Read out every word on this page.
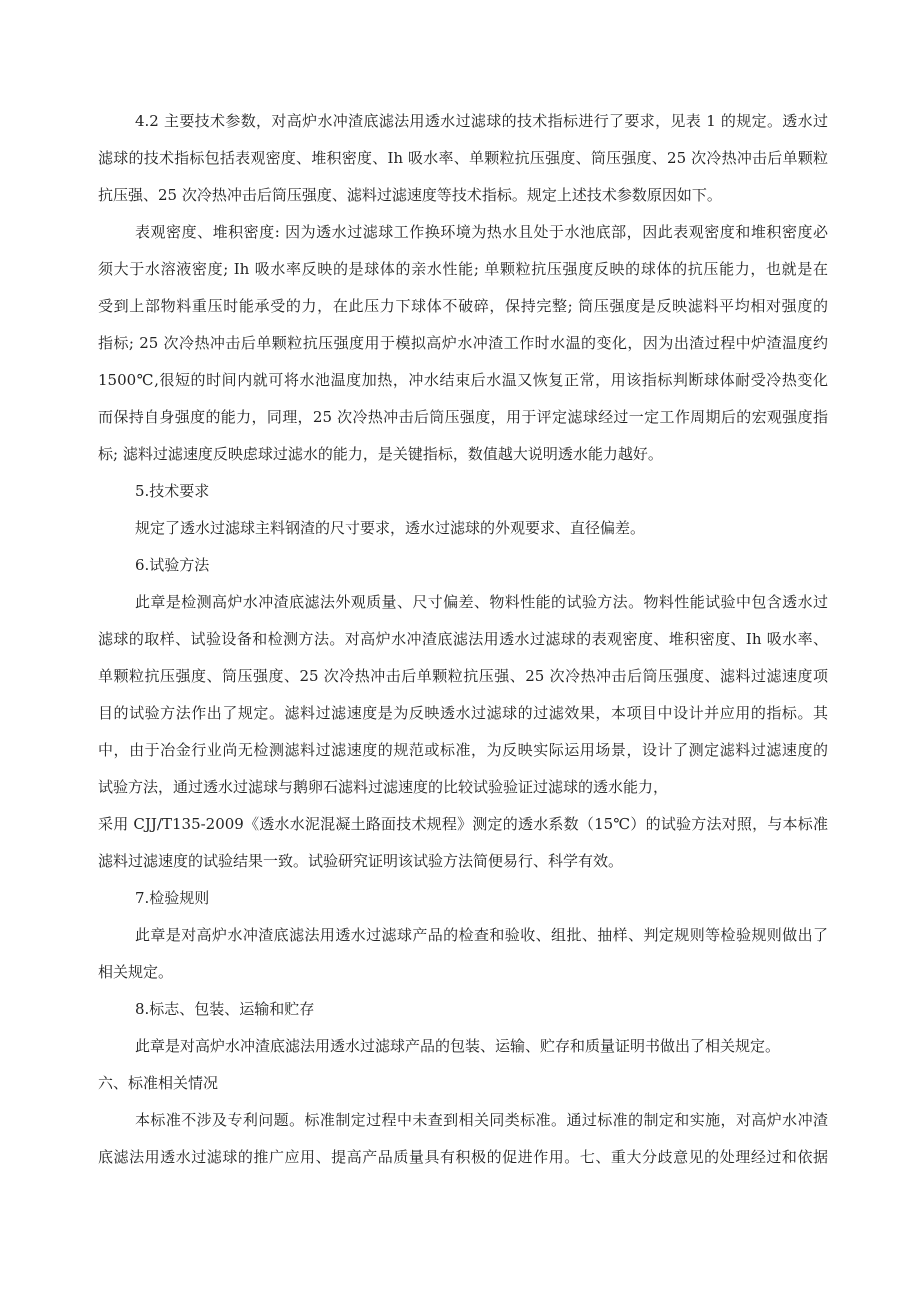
4.2 主要技术参数，对高炉水冲渣底滤法用透水过滤球的技术指标进行了要求，见表 1 的规定。透水过
滤球的技术指标包括表观密度、堆积密度、Ih 吸水率、单颗粒抗压强度、筒压强度、25 次冷热冲击后单颗粒
抗压强、25 次冷热冲击后筒压强度、滤料过滤速度等技术指标。规定上述技术参数原因如下。
表观密度、堆积密度: 因为透水过滤球工作换环境为热水且处于水池底部，因此表观密度和堆积密度必
须大于水溶液密度; Ih 吸水率反映的是球体的亲水性能; 单颗粒抗压强度反映的球体的抗压能力，也就是在
受到上部物料重压时能承受的力，在此压力下球体不破碎，保持完整; 筒压强度是反映滤料平均相对强度的
指标; 25 次冷热冲击后单颗粒抗压强度用于模拟高炉水冲渣工作时水温的变化，因为出渣过程中炉渣温度约
1500℃,很短的时间内就可将水池温度加热，冲水结束后水温又恢复正常，用该指标判断球体耐受冷热变化
而保持自身强度的能力，同理，25 次冷热冲击后筒压强度，用于评定滤球经过一定工作周期后的宏观强度指
标; 滤料过滤速度反映虑球过滤水的能力，是关键指标，数值越大说明透水能力越好。
5.技术要求
规定了透水过滤球主料钢渣的尺寸要求，透水过滤球的外观要求、直径偏差。
6.试验方法
此章是检测高炉水冲渣底滤法外观质量、尺寸偏差、物料性能的试验方法。物料性能试验中包含透水过
滤球的取样、试验设备和检测方法。对高炉水冲渣底滤法用透水过滤球的表观密度、堆积密度、Ih 吸水率、
单颗粒抗压强度、筒压强度、25 次冷热冲击后单颗粒抗压强、25 次冷热冲击后筒压强度、滤料过滤速度项
目的试验方法作出了规定。滤料过滤速度是为反映透水过滤球的过滤效果，本项目中设计并应用的指标。其
中，由于冶金行业尚无检测滤料过滤速度的规范或标准，为反映实际运用场景，设计了测定滤料过滤速度的
试验方法，通过透水过滤球与鹅卵石滤料过滤速度的比较试验验证过滤球的透水能力，
采用 CJJ/T135-2009《透水水泥混凝土路面技术规程》测定的透水系数（15℃）的试验方法对照，与本标准
滤料过滤速度的试验结果一致。试验研究证明该试验方法简便易行、科学有效。
7.检验规则
此章是对高炉水冲渣底滤法用透水过滤球产品的检查和验收、组批、抽样、判定规则等检验规则做出了
相关规定。
8.标志、包装、运输和贮存
此章是对高炉水冲渣底滤法用透水过滤球产品的包装、运输、贮存和质量证明书做出了相关规定。
六、标准相关情况
本标准不涉及专利问题。标准制定过程中未查到相关同类标准。通过标准的制定和实施，对高炉水冲渣
底滤法用透水过滤球的推广应用、提高产品质量具有积极的促进作用。七、重大分歧意见的处理经过和依据
